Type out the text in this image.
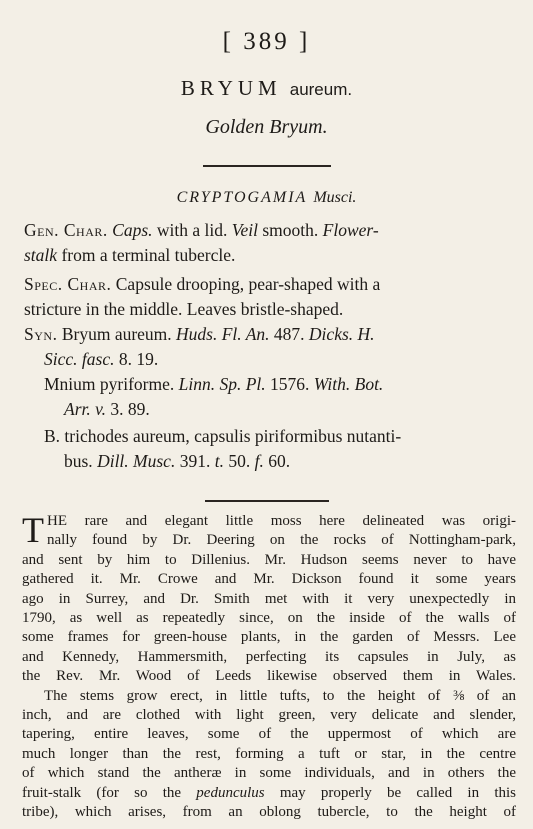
[ 389 ]
BRYUM aureum.
Golden Bryum.
CRYPTOGAMIA Musci.
Gen. Char. Caps. with a lid. Veil smooth. Flower-
stalk from a terminal tubercle.
Spec. Char. Capsule drooping, pear-shaped with a
stricture in the middle. Leaves bristle-shaped.
Syn. Bryum aureum. Huds. Fl. An. 487. Dicks. H.
Sicc. fasc. 8. 19.
Mnium pyriforme. Linn. Sp. Pl. 1576. With. Bot.
Arr. v. 3. 89.
B. trichodes aureum, capsulis piriformibus nutanti-
bus. Dill. Musc. 391. t. 50. f. 60.
T HE rare and elegant little moss here delineated was origi-
nally found by Dr. Deering on the rocks of Nottingham-park,
and sent by him to Dillenius. Mr. Hudson seems never to have
gathered it. Mr. Crowe and Mr. Dickson found it some years
ago in Surrey, and Dr. Smith met with it very unexpectedly in
1790, as well as repeatedly since, on the inside of the walls of
some frames for green-house plants, in the garden of Messrs. Lee
and Kennedy, Hammersmith, perfecting its capsules in July, as
the Rev. Mr. Wood of Leeds likewise observed them in Wales.
The stems grow erect, in little tufts, to the height of ⅜ of an
inch, and are clothed with light green, very delicate and slender,
tapering, entire leaves, some of the uppermost of which are
much longer than the rest, forming a tuft or star, in the centre
of which stand the antheræ in some individuals, and in others the
fruit-stalk (for so the pedunculus may properly be called in this
tribe), which arises, from an oblong tubercle, to the height of
